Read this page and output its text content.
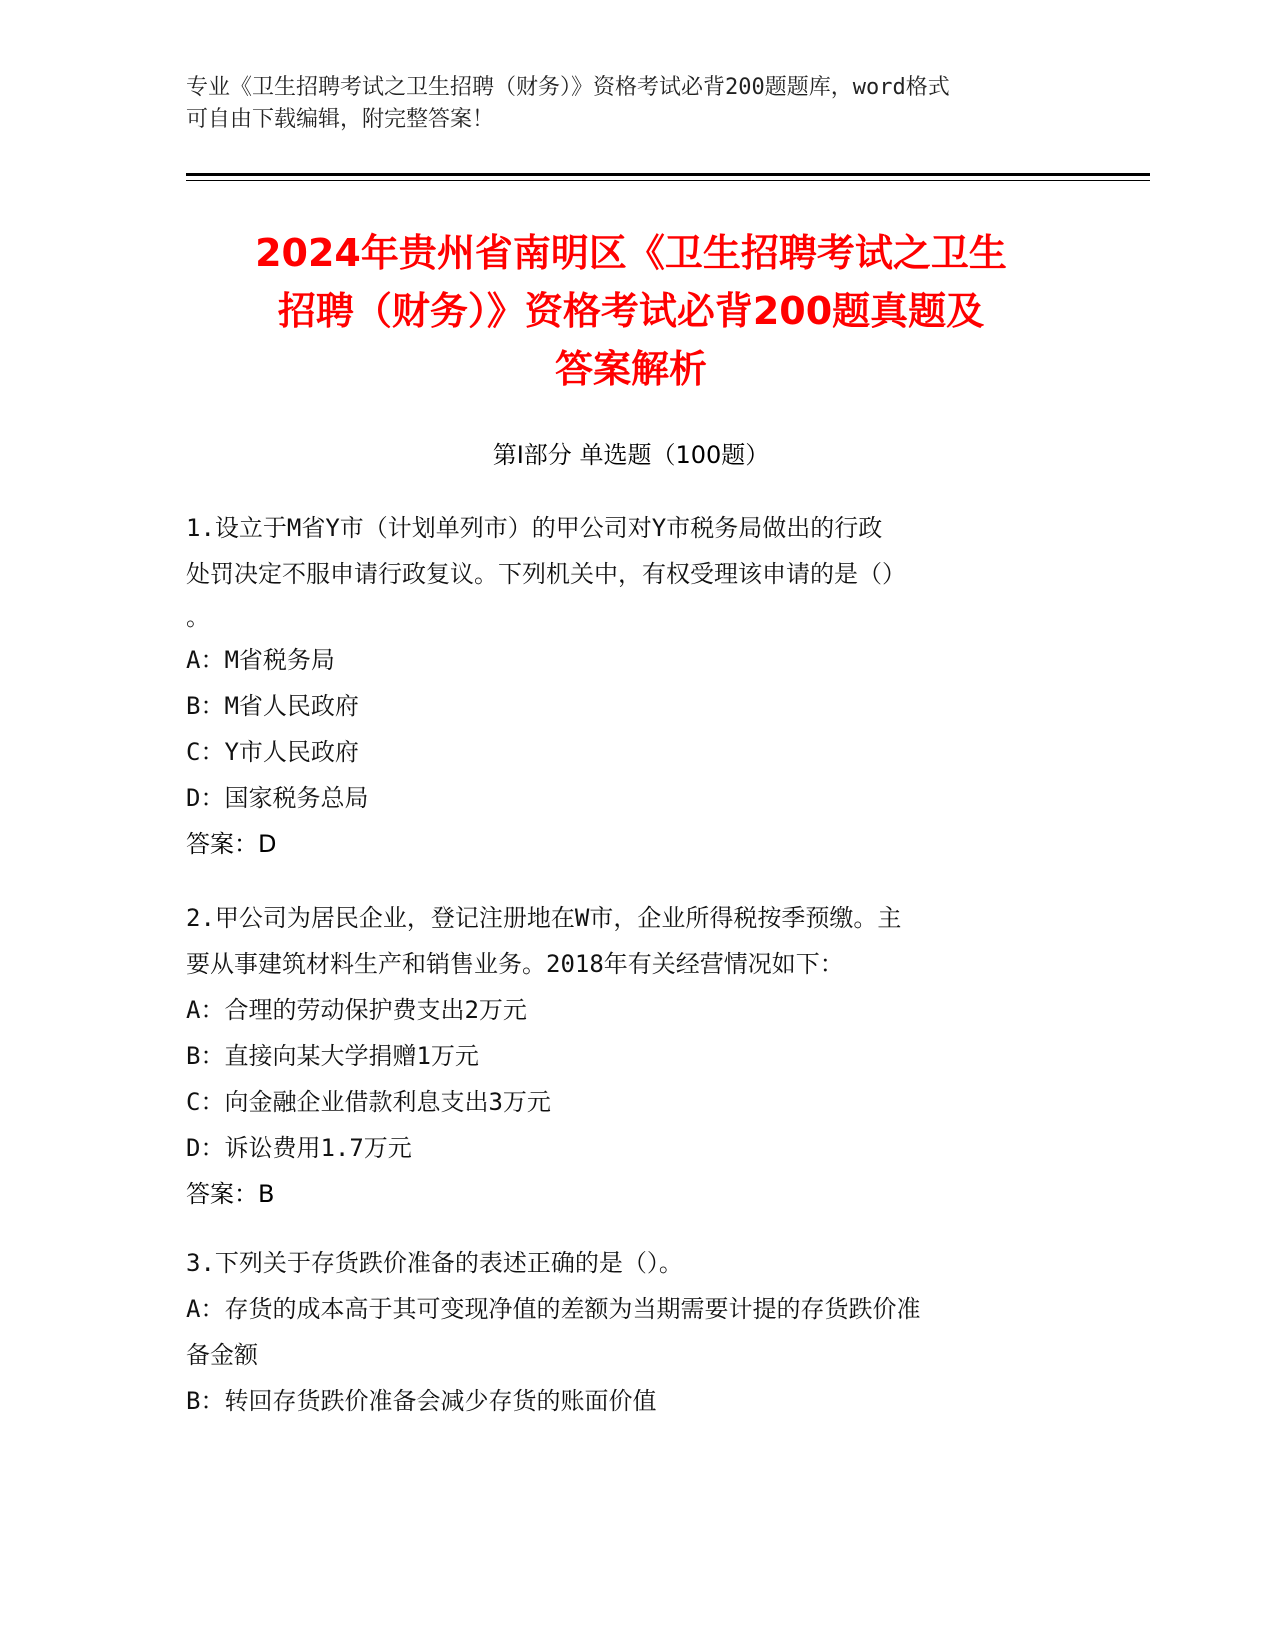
专业《卫生招聘考试之卫生招聘（财务）》资格考试必背200题题库，word格式
可自由下载编辑，附完整答案！
2024年贵州省南明区《卫生招聘考试之卫生
招聘（财务）》资格考试必背200题真题及
答案解析
第I部分 单选题（100题）
1.设立于M省Y市（计划单列市）的甲公司对Y市税务局做出的行政
处罚决定不服申请行政复议。下列机关中，有权受理该申请的是（）
。
A：M省税务局
B：M省人民政府
C：Y市人民政府
D：国家税务总局
答案：D
2.甲公司为居民企业，登记注册地在W市，企业所得税按季预缴。主
要从事建筑材料生产和销售业务。2018年有关经营情况如下：
A：合理的劳动保护费支出2万元
B：直接向某大学捐赠1万元
C：向金融企业借款利息支出3万元
D：诉讼费用1.7万元
答案：B
3.下列关于存货跌价准备的表述正确的是（）。
A：存货的成本高于其可变现净值的差额为当期需要计提的存货跌价准
备金额
B：转回存货跌价准备会减少存货的账面价值
